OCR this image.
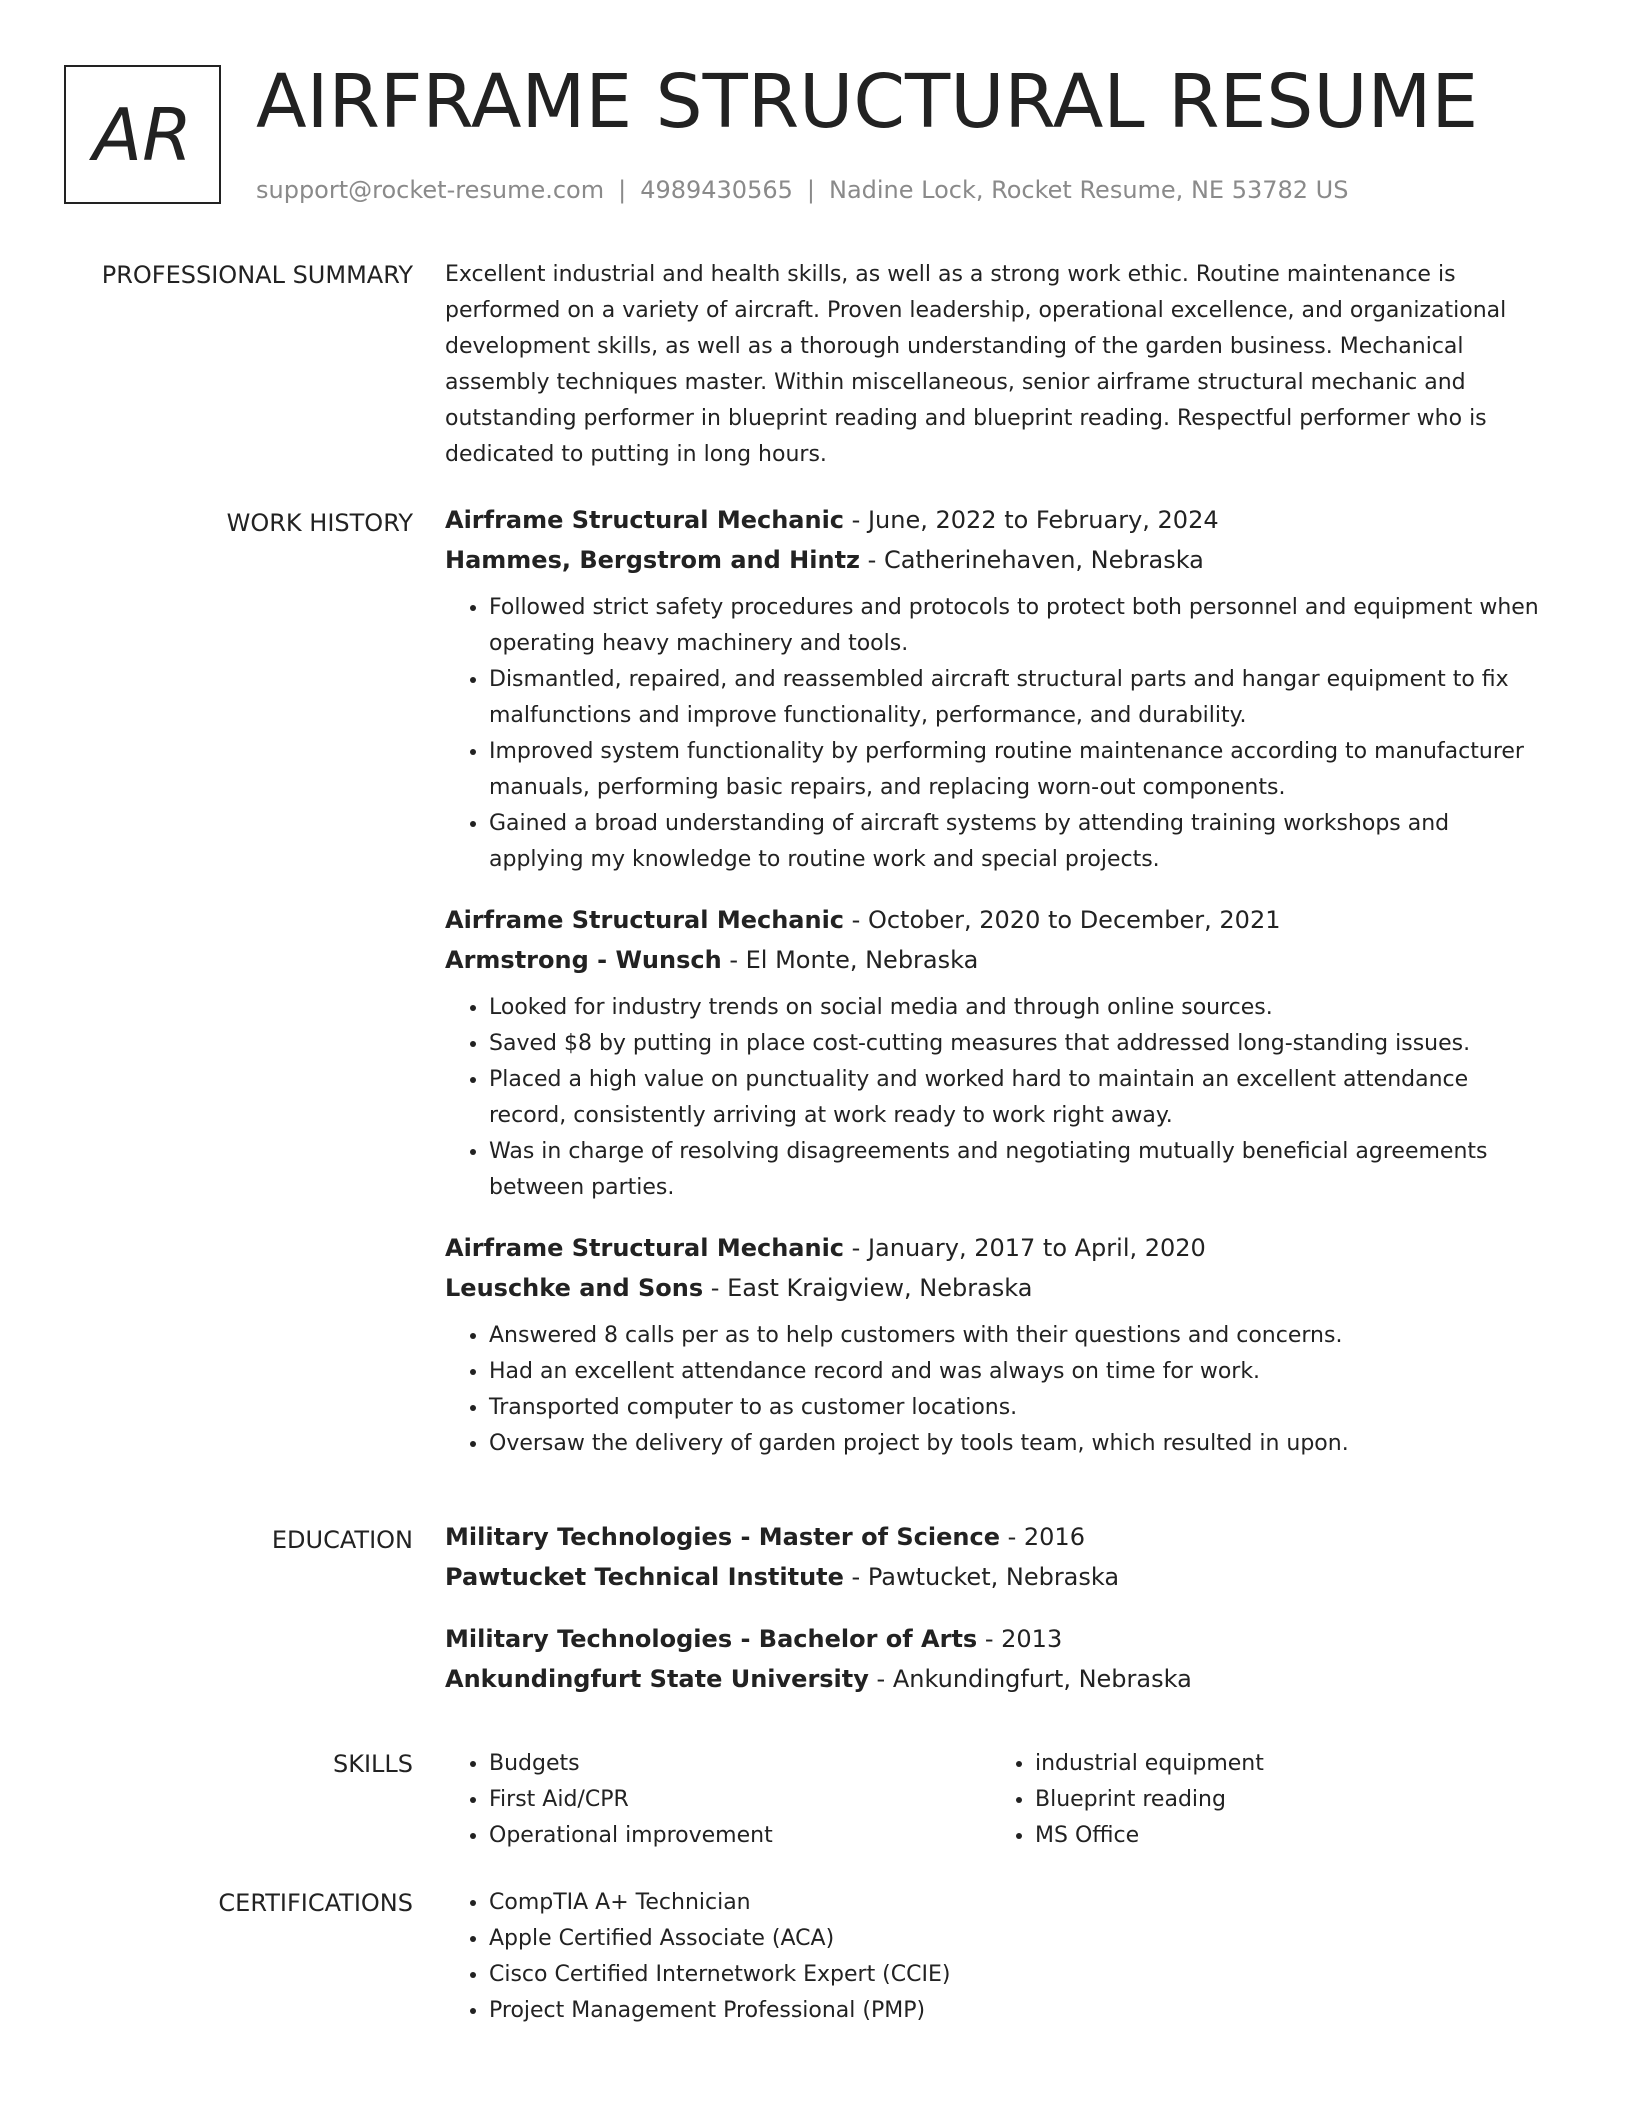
AR AIRFRAME STRUCTURAL RESUME
support@rocket-resume.com | 4989430565 | Nadine Lock, Rocket Resume, NE 53782 US
PROFESSIONAL SUMMARY Excellent industrial and health skills, as well as a strong work ethic. Routine maintenance is performed on a variety of aircraft. Proven leadership, operational excellence, and organizational development skills, as well as a thorough understanding of the garden business. Mechanical assembly techniques master. Within miscellaneous, senior airframe structural mechanic and outstanding performer in blueprint reading and blueprint reading. Respectful performer who is dedicated to putting in long hours.

WORK HISTORY Airframe Structural Mechanic - June, 2022 to February, 2024
Hammes, Bergstrom and Hintz - Catherinehaven, Nebraska
• Followed strict safety procedures and protocols to protect both personnel and equipment when operating heavy machinery and tools.
• Dismantled, repaired, and reassembled aircraft structural parts and hangar equipment to fix malfunctions and improve functionality, performance, and durability.
• Improved system functionality by performing routine maintenance according to manufacturer manuals, performing basic repairs, and replacing worn-out components.
• Gained a broad understanding of aircraft systems by attending training workshops and applying my knowledge to routine work and special projects.
Airframe Structural Mechanic - October, 2020 to December, 2021
Armstrong - Wunsch - El Monte, Nebraska
• Looked for industry trends on social media and through online sources.
• Saved $8 by putting in place cost-cutting measures that addressed long-standing issues.
• Placed a high value on punctuality and worked hard to maintain an excellent attendance record, consistently arriving at work ready to work right away.
• Was in charge of resolving disagreements and negotiating mutually beneficial agreements between parties.
Airframe Structural Mechanic - January, 2017 to April, 2020
Leuschke and Sons - East Kraigview, Nebraska
• Answered 8 calls per as to help customers with their questions and concerns.
• Had an excellent attendance record and was always on time for work.
• Transported computer to as customer locations.
• Oversaw the delivery of garden project by tools team, which resulted in upon.
EDUCATION Military Technologies - Master of Science - 2016
Pawtucket Technical Institute - Pawtucket, Nebraska
Military Technologies - Bachelor of Arts - 2013
Ankundingfurt State University - Ankundingfurt, Nebraska
SKILLS	• Budgets
• First Aid/CPR
• Operational improvement
• industrial equipment
• Blueprint reading
• MS Office
CERTIFICATIONS	• CompTIA A+ Technician
• Apple Certified Associate (ACA)
• Cisco Certified Internetwork Expert (CCIE)
• Project Management Professional (PMP)
